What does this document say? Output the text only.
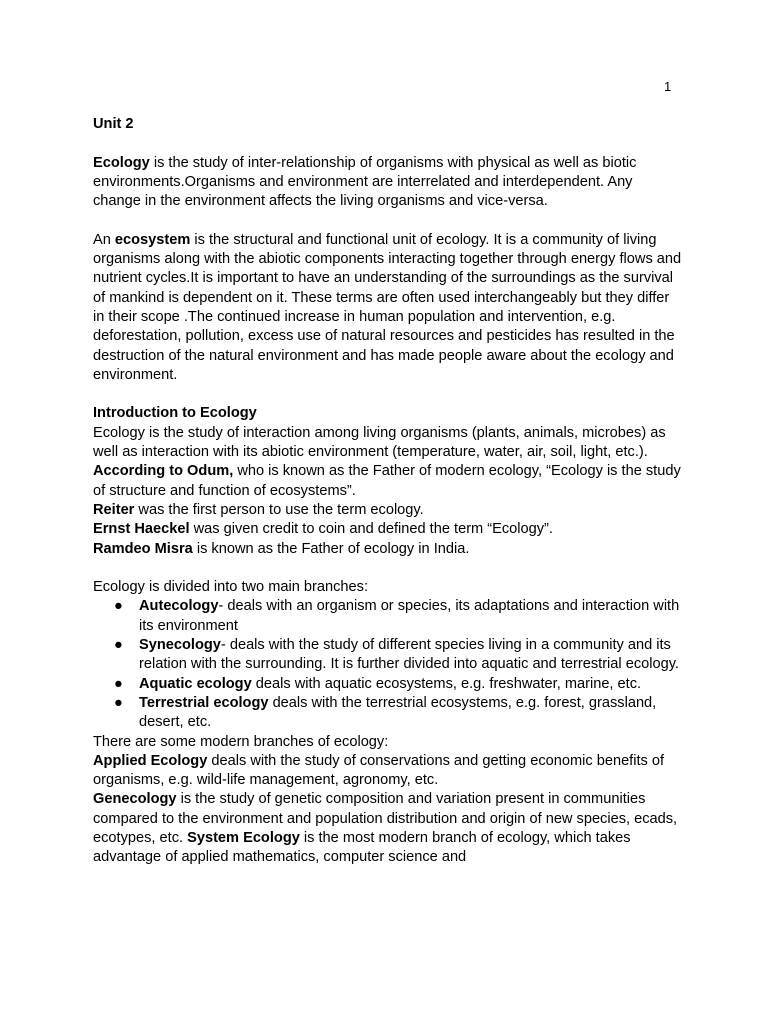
1

Unit 2

Ecology is the study of inter-relationship of organisms with physical as well as biotic environments.Organisms and environment are interrelated and interdependent. Any change in the environment affects the living organisms and vice-versa.

An ecosystem is the structural and functional unit of ecology. It is a community of living organisms along with the abiotic components interacting together through energy flows and nutrient cycles.It is important to have an understanding of the surroundings as the survival of mankind is dependent on it. These terms are often used interchangeably but they differ in their scope .The continued increase in human population and intervention, e.g. deforestation, pollution, excess use of natural resources and pesticides has resulted in the destruction of the natural environment and has made people aware about the ecology and environment.

Introduction to Ecology

Ecology is the study of interaction among living organisms (plants, animals, microbes) as well as interaction with its abiotic environment (temperature, water, air, soil, light, etc.).

According to Odum, who is known as the Father of modern ecology, “Ecology is the study of structure and function of ecosystems”.

Reiter was the first person to use the term ecology.

Ernst Haeckel was given credit to coin and defined the term “Ecology”.

Ramdeo Misra is known as the Father of ecology in India.

Ecology is divided into two main branches:

● Autecology- deals with an organism or species, its adaptations and interaction with its environment
● Synecology- deals with the study of different species living in a community and its relation with the surrounding. It is further divided into aquatic and terrestrial ecology.
● Aquatic ecology deals with aquatic ecosystems, e.g. freshwater, marine, etc.
● Terrestrial ecology deals with the terrestrial ecosystems, e.g. forest, grassland, desert, etc.

There are some modern branches of ecology:

Applied Ecology deals with the study of conservations and getting economic benefits of organisms, e.g. wild-life management, agronomy, etc.

Genecology is the study of genetic composition and variation present in communities compared to the environment and population distribution and origin of new species, ecads, ecotypes, etc. System Ecology is the most modern branch of ecology, which takes advantage of applied mathematics, computer science and
